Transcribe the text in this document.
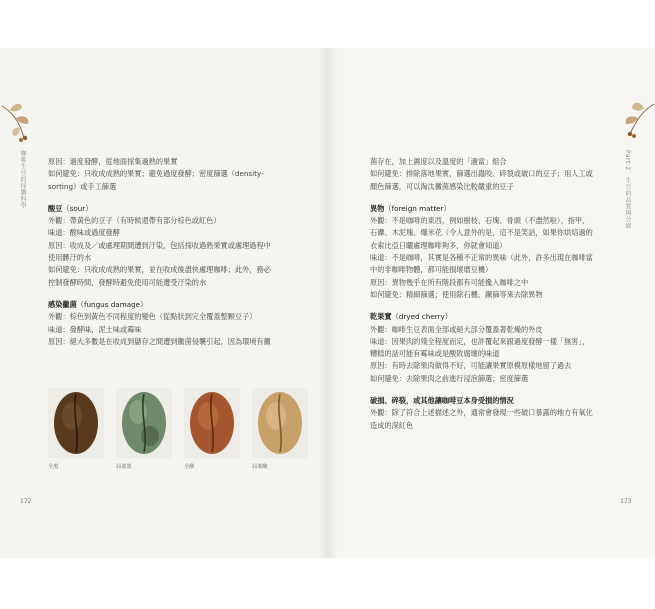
咖啡生豆的採購科學	Part 2．生豆的品質與分級

原因：過度發酵，從地面採集過熟的果實

如何避免：只收成成熟的果實；避免過度發酵；密度篩選（density-

sorting）或手工篩選

酸豆（sour）

外觀：帶黃色的豆子（有時候還帶有部分棕色或紅色）

味道：酸味或過度發酵

原因：收成及／或處理期間遭到汙染，包括採收過熟果實或處理過程中

使用髒汙的水

如何避免：只收成成熟的果實，並在收成後盡快處理咖啡；此外，務必

控制發酵時間，發酵時避免使用可能遭受汙染的水

感染黴菌（fungus damage）

外觀：棕色到黃色不同程度的變色（從點狀到完全覆蓋整顆豆子）

味道：發酵味，泥土味或霉味

原因：絕大多數是在收成到儲存之間遭到黴菌侵襲引起，因為環境有黴

全黑	局部黑	全酸	局部酸

菌存在，加上濕度以及溫度的「適當」組合

如何避免：排除落地果實，篩選出蟲咬、碎裂或破口的豆子；用人工或

顏色篩選，可以淘汰黴菌感染比較嚴重的豆子

異物（foreign matter）

外觀：不是咖啡的東西，例如樹枝、石塊、骨頭（不盡然啦）、指甲、

石礫、木泥塊、爆米花（令人意外的是，這不是笑話，如果你烘焙過的

衣索比亞日曬處理咖啡夠多，你就會知道）

味道：不是咖啡，其實是各種不正常的異味（此外，許多出現在咖啡當

中的非咖啡物體，都可能損壞磨豆機）

原因：異物幾乎在所有階段都有可能攙入咖啡之中

如何避免：精細篩選；使用除石機、鐵篩等來去除異物

乾果實（dryed cherry）

外觀：咖啡生豆表面全部或絕大部分覆蓋著乾燥的外皮

味道：因果肉的殘全程度而定，也許覆起來跟過度發酵一樣「無害」，

糟糕的話可能有霉味或是酸敗腐壞的味道

原因：有時去除果肉做得不好，可能讓果實原模原樣地留了過去

如何避免：去除果肉之前進行浸泡篩選；密度篩選

破損、碎裂，或其他讓咖啡豆本身受損的情況

外觀：除了符合上述描述之外，通常會發現一些破口暴露的地方有氧化

造成的深紅色

172	173
